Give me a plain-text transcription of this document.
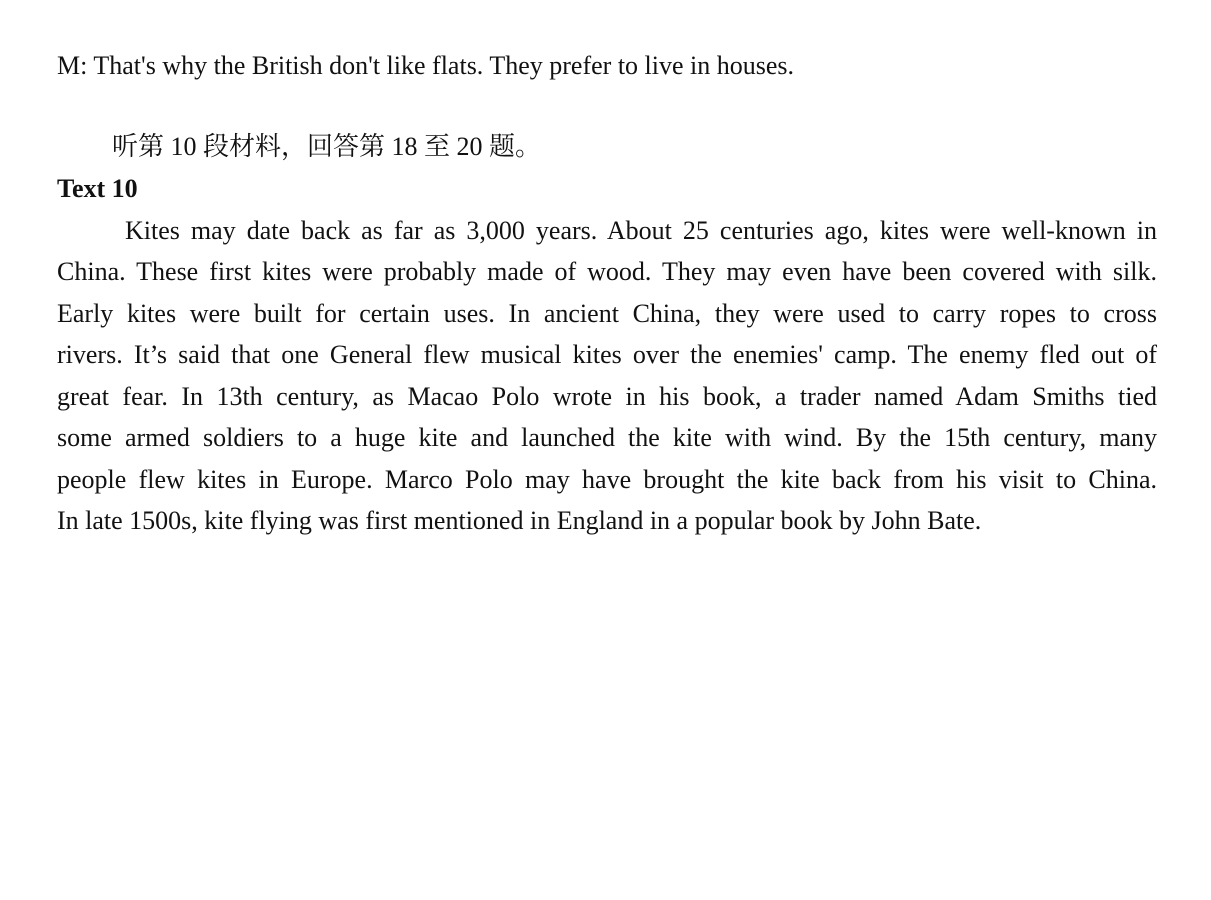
M: That's why the British don't like flats. They prefer to live in houses.
听第 10 段材料，回答第 18 至 20 题。
Text 10
Kites may date back as far as 3,000 years. About 25 centuries ago, kites were well-known in
China. These first kites were probably made of wood. They may even have been covered with silk.
Early kites were built for certain uses. In ancient China, they were used to carry ropes to cross
rivers. It’s said that one General flew musical kites over the enemies' camp. The enemy fled out of
great fear. In 13th century, as Macao Polo wrote in his book, a trader named Adam Smiths tied
some armed soldiers to a huge kite and launched the kite with wind. By the 15th century, many
people flew kites in Europe. Marco Polo may have brought the kite back from his visit to China.
In late 1500s, kite flying was first mentioned in England in a popular book by John Bate.
